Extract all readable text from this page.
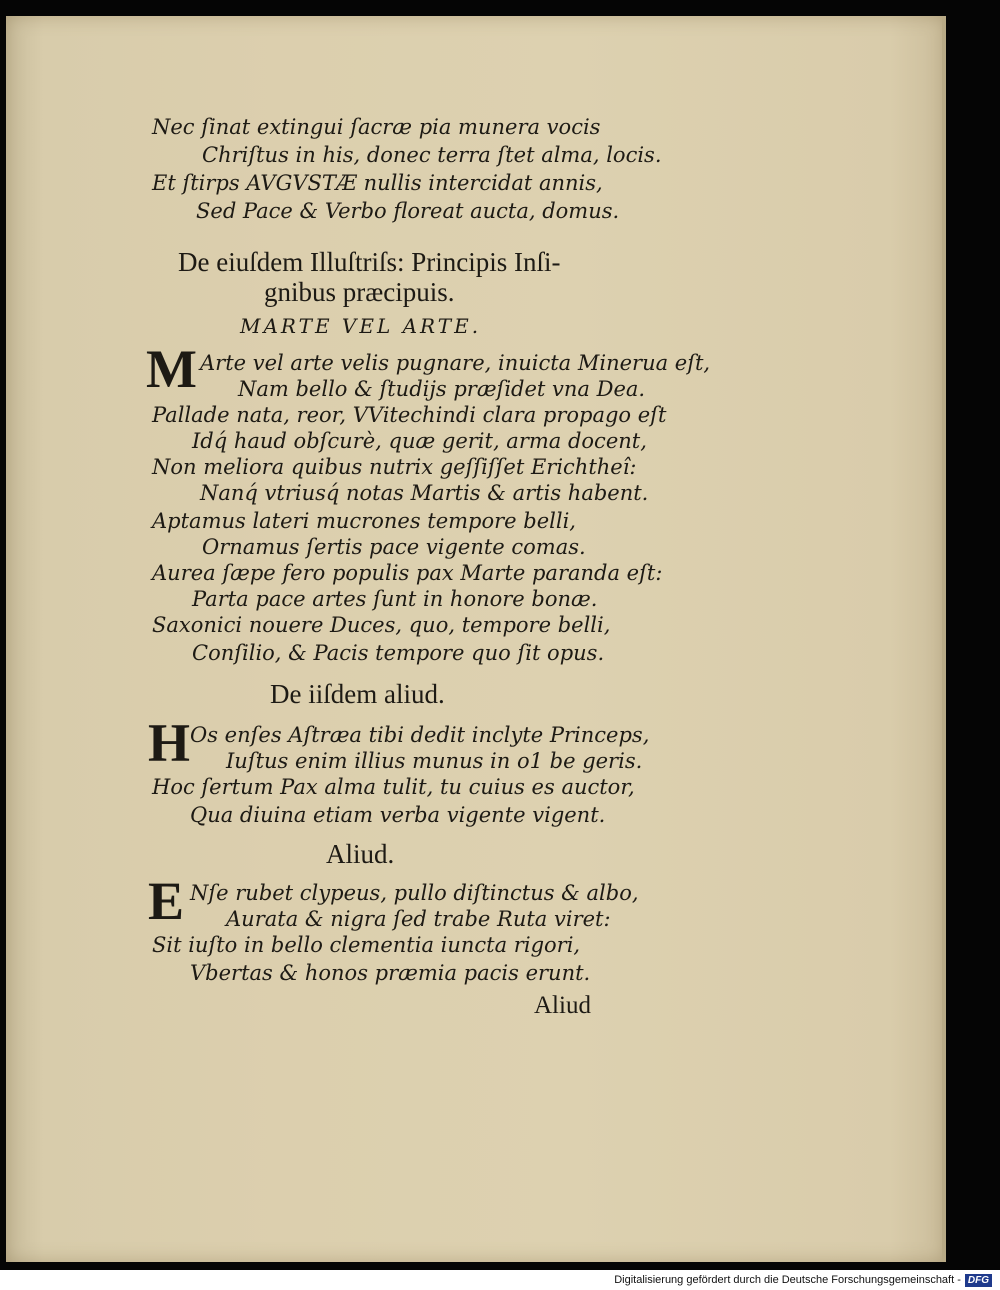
Nec ſinat extingui ſacræ pia munera vocis
Chriſtus in his, donec terra ſtet alma, locis.
Et ſtirps AVGVSTÆ nullis intercidat annis,
Sed Pace & Verbo floreat aucta, domus.
De eiuſdem Illuſtriſs: Principis Inſi-
gnibus præcipuis.
MARTE VEL ARTE.
M Arte vel arte velis pugnare, inuicta Minerua eſt,
Nam bello & ſtudijs præſidet vna Dea.
Pallade nata, reor, VVitechindi clara propago eſt
Idq́ haud obſcurè, quæ gerit, arma docent,
Non meliora quibus nutrix geſſiſſet Erichtheî:
Nanq́ vtriusq́ notas Martis & artis habent.
Aptamus lateri mucrones tempore belli,
Ornamus ſertis pace vigente comas.
Aurea ſæpe fero populis pax Marte paranda eſt:
Parta pace artes ſunt in honore bonæ.
Saxonici nouere Duces, quo, tempore belli,
Conſilio, & Pacis tempore quo ſit opus.
De iiſdem aliud.
H Os enſes Aſtræa tibi dedit inclyte Princeps,
Iuſtus enim illius munus in o1 be geris.
Hoc ſertum Pax alma tulit, tu cuius es auctor,
Qua diuina etiam verba vigente vigent.
Aliud.
E Nſe rubet clypeus, pullo diſtinctus & albo,
Aurata & nigra ſed trabe Ruta viret:
Sit iuſto in bello clementia iuncta rigori,
Vbertas & honos præmia pacis erunt.
Aliud
Digitalisierung gefördert durch die Deutsche Forschungsgemeinschaft - DFG
